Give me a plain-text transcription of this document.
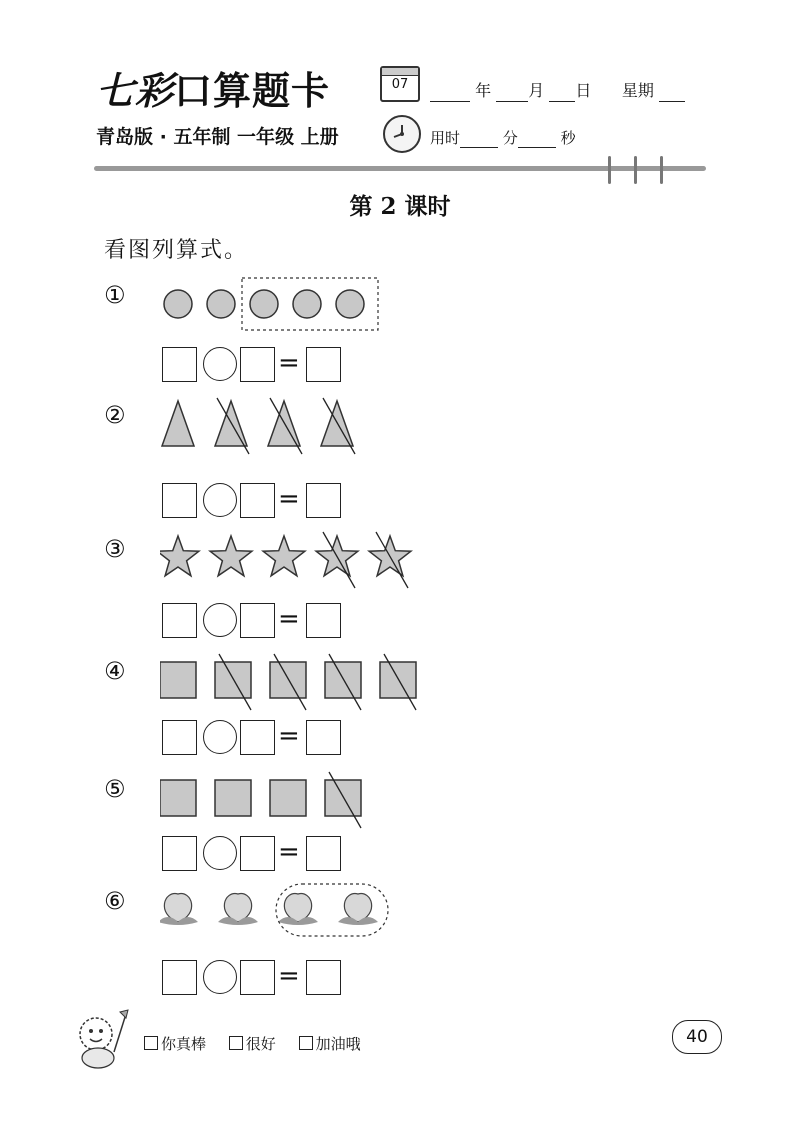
七彩口算题卡
青岛版 · 五年制 一年级 上册
07	年 月 日 星期
用时	分	秒
第 2 课时
看图列算式。
①
=
②
=
③
=
④
=
⑤
=
⑥
=
你真棒	很好	加油哦	40
